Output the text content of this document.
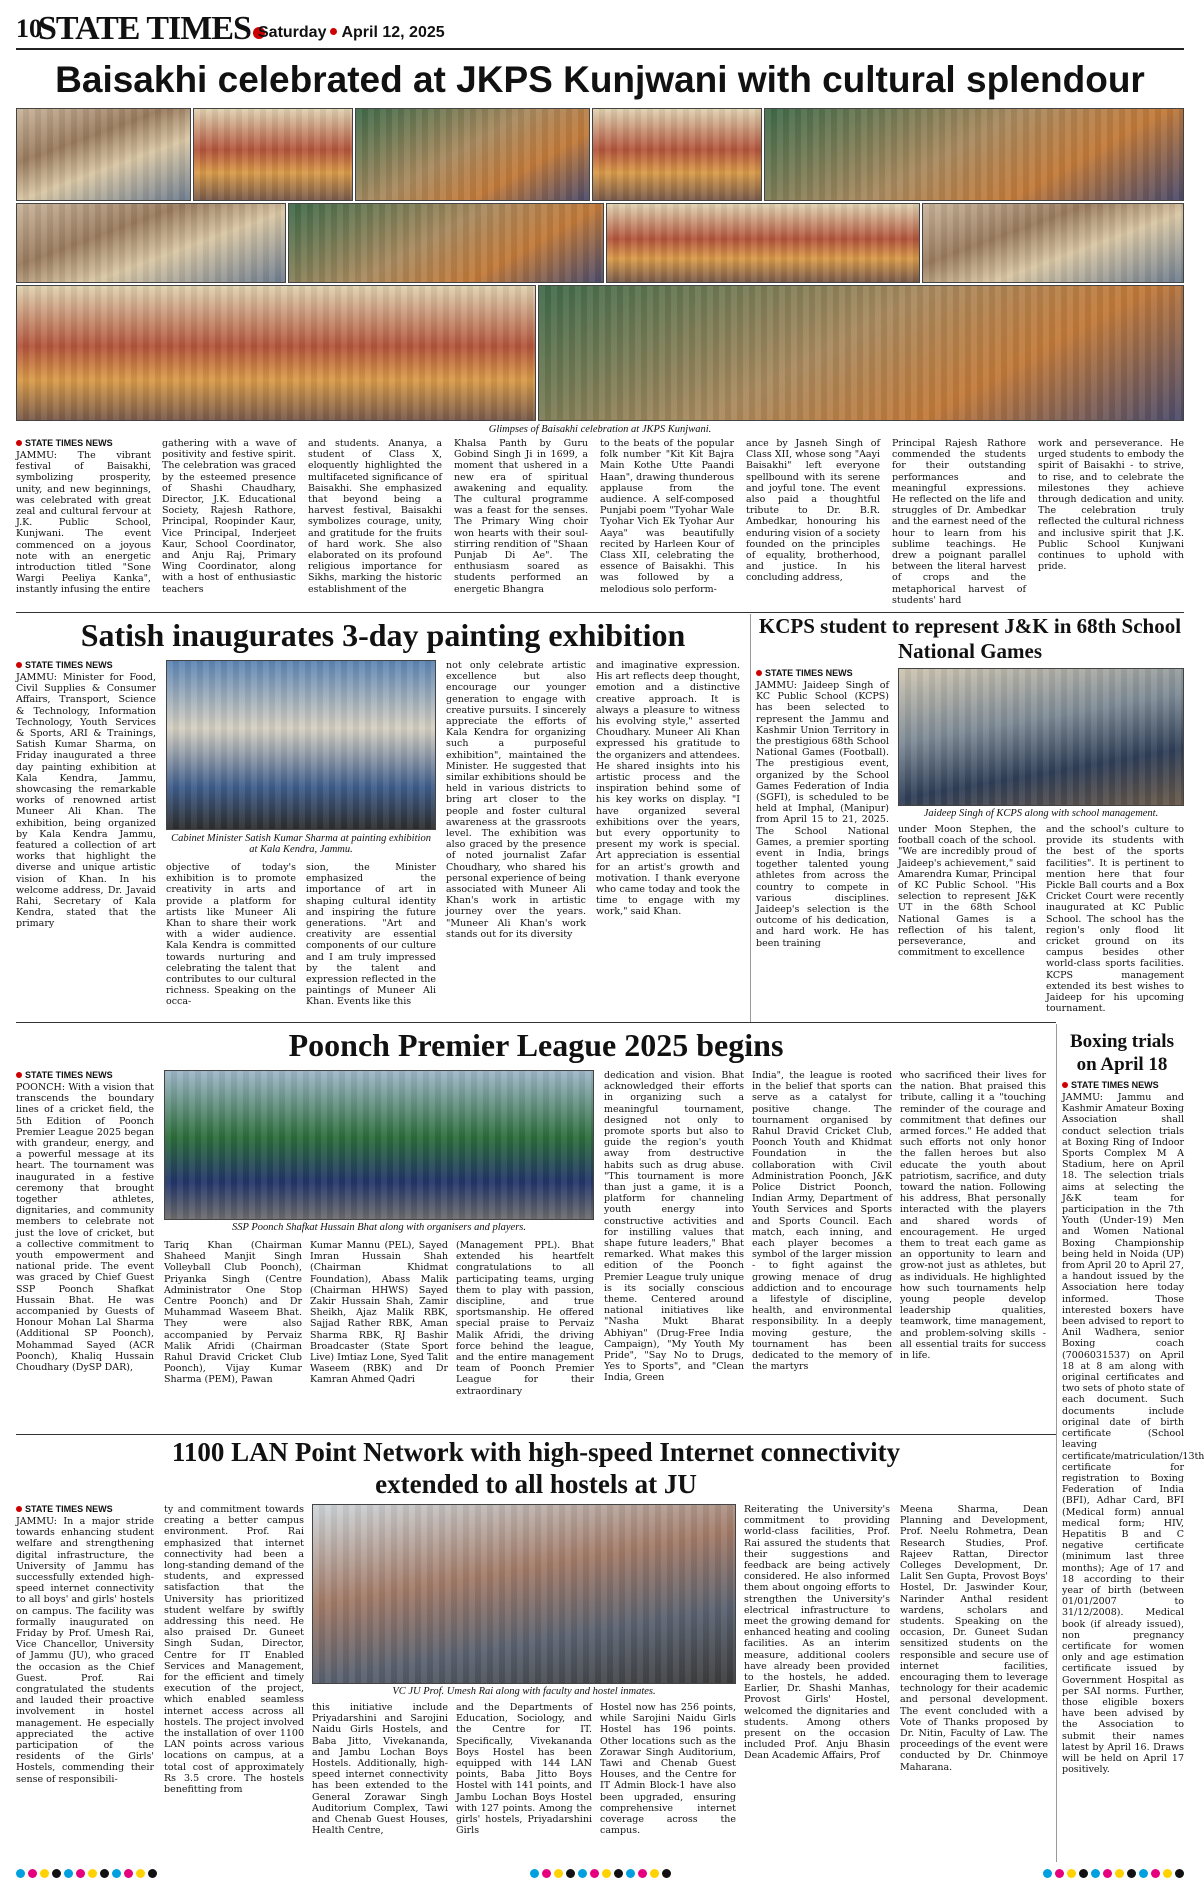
10
STATE TIMES Saturday April 12, 2025
Baisakhi celebrated at JKPS Kunjwani with cultural splendour
Glimpses of Baisakhi celebration at JKPS Kunjwani.
STATE TIMES NEWS
JAMMU: The vibrant festival of Baisakhi, symbolizing prosperity, unity, and new beginnings, was celebrated with great zeal and cultural fervour at J.K. Public School, Kunjwani. The event commenced on a joyous note with an energetic introduction titled "Sone Wargi Peeliya Kanka", instantly infusing the entire
gathering with a wave of positivity and festive spirit. The celebration was graced by the esteemed presence of Shashi Chaudhary, Director, J.K. Educational Society, Rajesh Rathore, Principal, Roopinder Kaur, Vice Principal, Inderjeet Kaur, School Coordinator, and Anju Raj, Primary Wing Coordinator, along with a host of enthusiastic teachers
and students. Ananya, a student of Class X, eloquently highlighted the multifaceted significance of Baisakhi. She emphasized that beyond being a harvest festival, Baisakhi symbolizes courage, unity, and gratitude for the fruits of hard work. She also elaborated on its profound religious importance for Sikhs, marking the historic establishment of the
Khalsa Panth by Guru Gobind Singh Ji in 1699, a moment that ushered in a new era of spiritual awakening and equality. The cultural programme was a feast for the senses. The Primary Wing choir won hearts with their soul-stirring rendition of "Shaan Punjab Di Ae". The enthusiasm soared as students performed an energetic Bhangra
to the beats of the popular folk number "Kit Kit Bajra Main Kothe Utte Paandi Haan", drawing thunderous applause from the audience. A self-composed Punjabi poem "Tyohar Wale Tyohar Vich Ek Tyohar Aur Aaya" was beautifully recited by Harleen Kour of Class XII, celebrating the essence of Baisakhi. This was followed by a melodious solo perform-
ance by Jasneh Singh of Class XII, whose song "Aayi Baisakhi" left everyone spellbound with its serene and joyful tone. The event also paid a thoughtful tribute to Dr. B.R. Ambedkar, honouring his enduring vision of a society founded on the principles of equality, brotherhood, and justice. In his concluding address,
Principal Rajesh Rathore commended the students for their outstanding performances and meaningful expressions. He reflected on the life and struggles of Dr. Ambedkar and the earnest need of the hour to learn from his sublime teachings. He drew a poignant parallel between the literal harvest of crops and the metaphorical harvest of students' hard
work and perseverance. He urged students to embody the spirit of Baisakhi - to strive, to rise, and to celebrate the milestones they achieve through dedication and unity. The celebration truly reflected the cultural richness and inclusive spirit that J.K. Public School Kunjwani continues to uphold with pride.
Satish inaugurates 3-day painting exhibition
STATE TIMES NEWS
JAMMU: Minister for Food, Civil Supplies & Consumer Affairs, Transport, Science & Technology, Information Technology, Youth Services & Sports, ARI & Trainings, Satish Kumar Sharma, on Friday inaugurated a three day painting exhibition at Kala Kendra, Jammu, showcasing the remarkable works of renowned artist Muneer Ali Khan. The exhibition, being organized by Kala Kendra Jammu, featured a collection of art works that highlight the diverse and unique artistic vision of Khan. In his welcome address, Dr. Javaid Rahi, Secretary of Kala Kendra, stated that the primary
Cabinet Minister Satish Kumar Sharma at painting exhibition at Kala Kendra, Jammu.
objective of today's exhibition is to promote creativity in arts and provide a platform for artists like Muneer Ali Khan to share their work with a wider audience. Kala Kendra is committed towards nurturing and celebrating the talent that contributes to our cultural richness. Speaking on the occa-
sion, the Minister emphasized the importance of art in shaping cultural identity and inspiring the future generations. "Art and creativity are essential components of our culture and I am truly impressed by the talent and expression reflected in the paintings of Muneer Ali Khan. Events like this
not only celebrate artistic excellence but also encourage our younger generation to engage with creative pursuits. I sincerely appreciate the efforts of Kala Kendra for organizing such a purposeful exhibition", maintained the Minister. He suggested that similar exhibitions should be held in various districts to bring art closer to the people and foster cultural awareness at the grassroots level. The exhibition was also graced by the presence of noted journalist Zafar Choudhary, who shared his personal experience of being associated with Muneer Ali Khan's work in artistic journey over the years. "Muneer Ali Khan's work stands out for its diversity
and imaginative expression. His art reflects deep thought, emotion and a distinctive creative approach. It is always a pleasure to witness his evolving style," asserted Choudhary. Muneer Ali Khan expressed his gratitude to the organizers and attendees. He shared insights into his artistic process and the inspiration behind some of his key works on display. "I have organized several exhibitions over the years, but every opportunity to present my work is special. Art appreciation is essential for an artist's growth and motivation. I thank everyone who came today and took the time to engage with my work," said Khan.
KCPS student to represent J&K in 68th School National Games
STATE TIMES NEWS
JAMMU: Jaideep Singh of KC Public School (KCPS) has been selected to represent the Jammu and Kashmir Union Territory in the prestigious 68th School National Games (Football). The prestigious event, organized by the School Games Federation of India (SGFI), is scheduled to be held at Imphal, (Manipur) from April 15 to 21, 2025. The School National Games, a premier sporting event in India, brings together talented young athletes from across the country to compete in various disciplines. Jaideep's selection is the outcome of his dedication, and hard work. He has been training
Jaideep Singh of KCPS along with school management.
under Moon Stephen, the football coach of the school. "We are incredibly proud of Jaideep's achievement," said Amarendra Kumar, Principal of KC Public School. "His selection to represent J&K UT in the 68th School National Games is a reflection of his talent, perseverance, and commitment to excellence
and the school's culture to provide its students with the best of the sports facilities". It is pertinent to mention here that four Pickle Ball courts and a Box Cricket Court were recently inaugurated at KC Public School. The school has the region's only flood lit cricket ground on its campus besides other world-class sports facilities. KCPS management extended its best wishes to Jaideep for his upcoming tournament.
Poonch Premier League 2025 begins
STATE TIMES NEWS
POONCH: With a vision that transcends the boundary lines of a cricket field, the 5th Edition of Poonch Premier League 2025 began with grandeur, energy, and a powerful message at its heart. The tournament was inaugurated in a festive ceremony that brought together athletes, dignitaries, and community members to celebrate not just the love of cricket, but a collective commitment to youth empowerment and national pride. The event was graced by Chief Guest SSP Poonch Shafkat Hussain Bhat. He was accompanied by Guests of Honour Mohan Lal Sharma (Additional SP Poonch), Mohammad Sayed (ACR Poonch), Khaliq Hussain Choudhary (DySP DAR),
SSP Poonch Shafkat Hussain Bhat along with organisers and players.
Tariq Khan (Chairman Shaheed Manjit Singh Volleyball Club Poonch), Priyanka Singh (Centre Administrator One Stop Centre Poonch) and Dr Muhammad Waseem Bhat. They were also accompanied by Pervaiz Malik Afridi (Chairman Rahul Dravid Cricket Club Poonch), Vijay Kumar Sharma (PEM), Pawan
Kumar Mannu (PEL), Sayed Imran Hussain Shah (Chairman Khidmat Foundation), Abass Malik (Chairman HHWS) Sayed Zakir Hussain Shah, Zamir Sheikh, Ajaz Malik RBK, Sajjad Rather RBK, Aman Sharma RBK, RJ Bashir Broadcaster (State Sport Live) Imtiaz Lone, Syed Talit Waseem (RBK) and Dr Kamran Ahmed Qadri
(Management PPL). Bhat extended his heartfelt congratulations to all participating teams, urging them to play with passion, discipline, and true sportsmanship. He offered special praise to Pervaiz Malik Afridi, the driving force behind the league, and the entire management team of Poonch Premier League for their extraordinary
dedication and vision. Bhat acknowledged their efforts in organizing such a meaningful tournament, designed not only to promote sports but also to guide the region's youth away from destructive habits such as drug abuse. "This tournament is more than just a game, it is a platform for channeling youth energy into constructive activities and for instilling values that shape future leaders," Bhat remarked. What makes this edition of the Poonch Premier League truly unique is its socially conscious theme. Centered around national initiatives like "Nasha Mukt Bharat Abhiyan" (Drug-Free India Campaign), "My Youth My Pride", "Say No to Drugs, Yes to Sports", and "Clean India, Green
India", the league is rooted in the belief that sports can serve as a catalyst for positive change. The tournament organised by Rahul Dravid Cricket Club, Poonch Youth and Khidmat Foundation in the collaboration with Civil Administration Poonch, J&K Police District Poonch, Indian Army, Department of Youth Services and Sports and Sports Council. Each match, each inning, and each player becomes a symbol of the larger mission - to fight against the growing menace of drug addiction and to encourage a lifestyle of discipline, health, and environmental responsibility. In a deeply moving gesture, the tournament has been dedicated to the memory of the martyrs
who sacrificed their lives for the nation. Bhat praised this tribute, calling it a "touching reminder of the courage and commitment that defines our armed forces." He added that such efforts not only honor the fallen heroes but also educate the youth about patriotism, sacrifice, and duty toward the nation. Following his address, Bhat personally interacted with the players and shared words of encouragement. He urged them to treat each game as an opportunity to learn and grow-not just as athletes, but as individuals. He highlighted how such tournaments help young people develop leadership qualities, teamwork, time management, and problem-solving skills - all essential traits for success in life.
Boxing trials on April 18
STATE TIMES NEWS
JAMMU: Jammu and Kashmir Amateur Boxing Association shall conduct selection trials at Boxing Ring of Indoor Sports Complex M A Stadium, here on April 18. The selection trials aims at selecting the J&K team for participation in the 7th Youth (Under-19) Men and Women National Boxing Championship being held in Noida (UP) from April 20 to April 27, a handout issued by the Association here today informed. Those interested boxers have been advised to report to Anil Wadhera, senior Boxing coach (7006031537) on April 18 at 8 am along with original certificates and two sets of photo state of each document. Such documents include original date of birth certificate (School leaving certificate/matriculation/13th certificate for registration to Boxing Federation of India (BFI), Adhar Card, BFI (Medical form) annual medical form; HIV, Hepatitis B and C negative certificate (minimum last three months); Age of 17 and 18 according to their year of birth (between 01/01/2007 to 31/12/2008). Medical book (if already issued), non pregnancy certificate for women only and age estimation certificate issued by Government Hospital as per SAI norms. Further, those eligible boxers have been advised by the Association to submit their names latest by April 16. Draws will be held on April 17 positively.
1100 LAN Point Network with high-speed Internet connectivity
extended to all hostels at JU
STATE TIMES NEWS
JAMMU: In a major stride towards enhancing student welfare and strengthening digital infrastructure, the University of Jammu has successfully extended high-speed internet connectivity to all boys' and girls' hostels on campus. The facility was formally inaugurated on Friday by Prof. Umesh Rai, Vice Chancellor, University of Jammu (JU), who graced the occasion as the Chief Guest. Prof. Rai congratulated the students and lauded their proactive involvement in hostel management. He especially appreciated the active participation of the residents of the Girls' Hostels, commending their sense of responsibili-
ty and commitment towards creating a better campus environment. Prof. Rai emphasized that internet connectivity had been a long-standing demand of the students, and expressed satisfaction that the University has prioritized student welfare by swiftly addressing this need. He also praised Dr. Guneet Singh Sudan, Director, Centre for IT Enabled Services and Management, for the efficient and timely execution of the project, which enabled seamless internet access across all hostels. The project involved the installation of over 1100 LAN points across various locations on campus, at a total cost of approximately Rs 3.5 crore. The hostels benefitting from
VC JU Prof. Umesh Rai along with faculty and hostel inmates.
this initiative include Priyadarshini and Sarojini Naidu Girls Hostels, and Baba Jitto, Vivekananda, and Jambu Lochan Boys Hostels. Additionally, high-speed internet connectivity has been extended to the General Zorawar Singh Auditorium Complex, Tawi and Chenab Guest Houses, Health Centre,
and the Departments of Education, Sociology, and the Centre for IT. Specifically, Vivekananda Boys Hostel has been equipped with 144 LAN points, Baba Jitto Boys Hostel with 141 points, and Jambu Lochan Boys Hostel with 127 points. Among the girls' hostels, Priyadarshini Girls
Hostel now has 256 points, while Sarojini Naidu Girls Hostel has 196 points. Other locations such as the Zorawar Singh Auditorium, Tawi and Chenab Guest Houses, and the Centre for IT Admin Block-1 have also been upgraded, ensuring comprehensive internet coverage across the campus.
Reiterating the University's commitment to providing world-class facilities, Prof. Rai assured the students that their suggestions and feedback are being actively considered. He also informed them about ongoing efforts to strengthen the University's electrical infrastructure to meet the growing demand for enhanced heating and cooling facilities. As an interim measure, additional coolers have already been provided to the hostels, he added. Earlier, Dr. Shashi Manhas, Provost Girls' Hostel, welcomed the dignitaries and students. Among others present on the occasion included Prof. Anju Bhasin Dean Academic Affairs, Prof
Meena Sharma, Dean Planning and Development, Prof. Neelu Rohmetra, Dean Research Studies, Prof. Rajeev Rattan, Director Colleges Development, Dr. Lalit Sen Gupta, Provost Boys' Hostel, Dr. Jaswinder Kour, Narinder Anthal resident wardens, scholars and students. Speaking on the occasion, Dr. Guneet Sudan sensitized students on the responsible and secure use of internet facilities, encouraging them to leverage technology for their academic and personal development. The event concluded with a Vote of Thanks proposed by Dr. Nitin, Faculty of Law. The proceedings of the event were conducted by Dr. Chinmoye Maharana.
